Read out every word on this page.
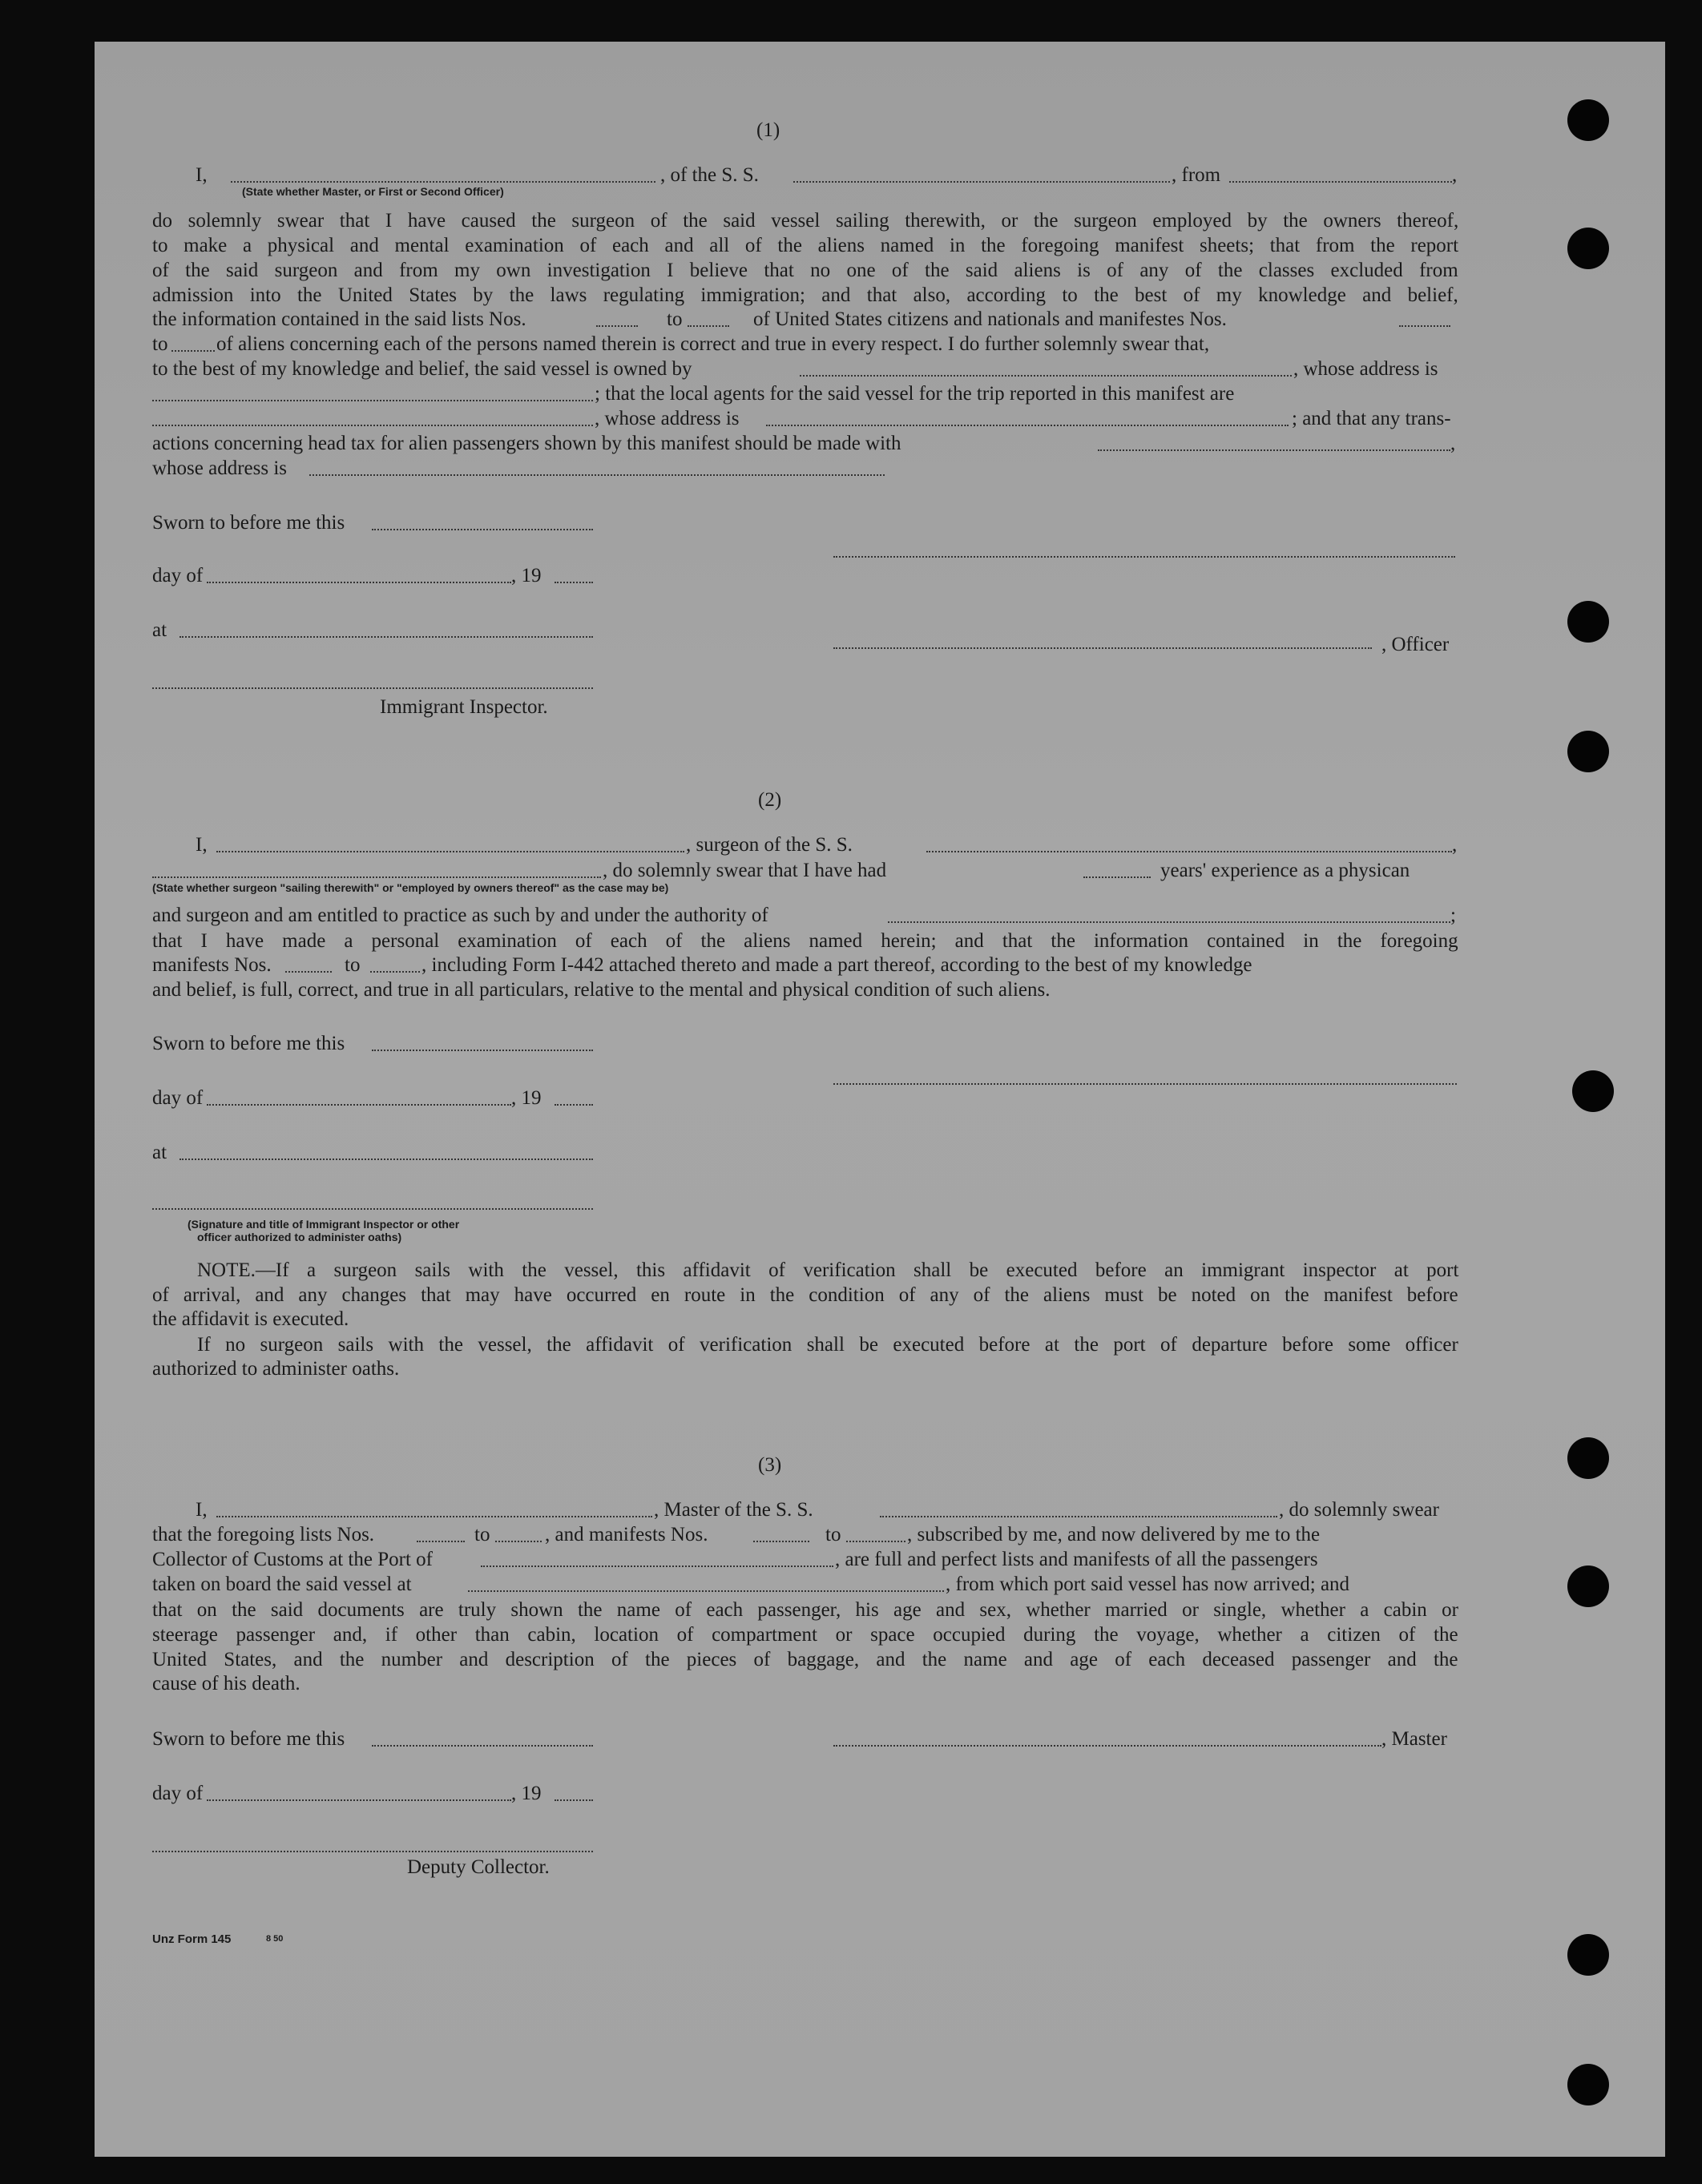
(1)
I,	, of the S. S.	, from	,
(State whether Master, or First or Second Officer)
do solemnly swear that I have caused the surgeon of the said vessel sailing therewith, or the surgeon employed by the owners thereof,
to make a physical and mental examination of each and all of the aliens named in the foregoing manifest sheets; that from the report
of the said surgeon and from my own investigation I believe that no one of the said aliens is of any of the classes excluded from
admission into the United States by the laws regulating immigration; and that also, according to the best of my knowledge and belief,
the information contained in the said lists Nos.	to	of United States citizens and nationals and manifestes Nos.
to of aliens concerning each of the persons named therein is correct and true in every respect. I do further solemnly swear that,
to the best of my knowledge and belief, the said vessel is owned by	, whose address is
; that the local agents for the said vessel for the trip reported in this manifest are
, whose address is	; and that any trans-
actions concerning head tax for alien passengers shown by this manifest should be made with	,
whose address is
Sworn to before me this
day of	, 19
at
, Officer
Immigrant Inspector.
(2)
I,	, surgeon of the S. S.	,
, do solemnly swear that I have had	years' experience as a physican
(State whether surgeon "sailing therewith" or "employed by owners thereof" as the case may be)
and surgeon and am entitled to practice as such by and under the authority of	;
that I have made a personal examination of each of the aliens named herein; and that the information contained in the foregoing
manifests Nos.	to	, including Form I-442 attached thereto and made a part thereof, according to the best of my knowledge
and belief, is full, correct, and true in all particulars, relative to the mental and physical condition of such aliens.
Sworn to before me this
day of	, 19
at
(Signature and title of Immigrant Inspector or other
officer authorized to administer oaths)
NOTE.—If a surgeon sails with the vessel, this affidavit of verification shall be executed before an immigrant inspector at port
of arrival, and any changes that may have occurred en route in the condition of any of the aliens must be noted on the manifest before
the affidavit is executed.
If no surgeon sails with the vessel, the affidavit of verification shall be executed before at the port of departure before some officer
authorized to administer oaths.
(3)
I,	, Master of the S. S.	, do solemnly swear
that the foregoing lists Nos.	to	, and manifests Nos.	to	, subscribed by me, and now delivered by me to the
Collector of Customs at the Port of	, are full and perfect lists and manifests of all the passengers
taken on board the said vessel at	, from which port said vessel has now arrived; and
that on the said documents are truly shown the name of each passenger, his age and sex, whether married or single, whether a cabin or
steerage passenger and, if other than cabin, location of compartment or space occupied during the voyage, whether a citizen of the
United States, and the number and description of the pieces of baggage, and the name and age of each deceased passenger and the
cause of his death.
Sworn to before me this	, Master
day of	, 19
Deputy Collector.
Unz Form 145	8 50
